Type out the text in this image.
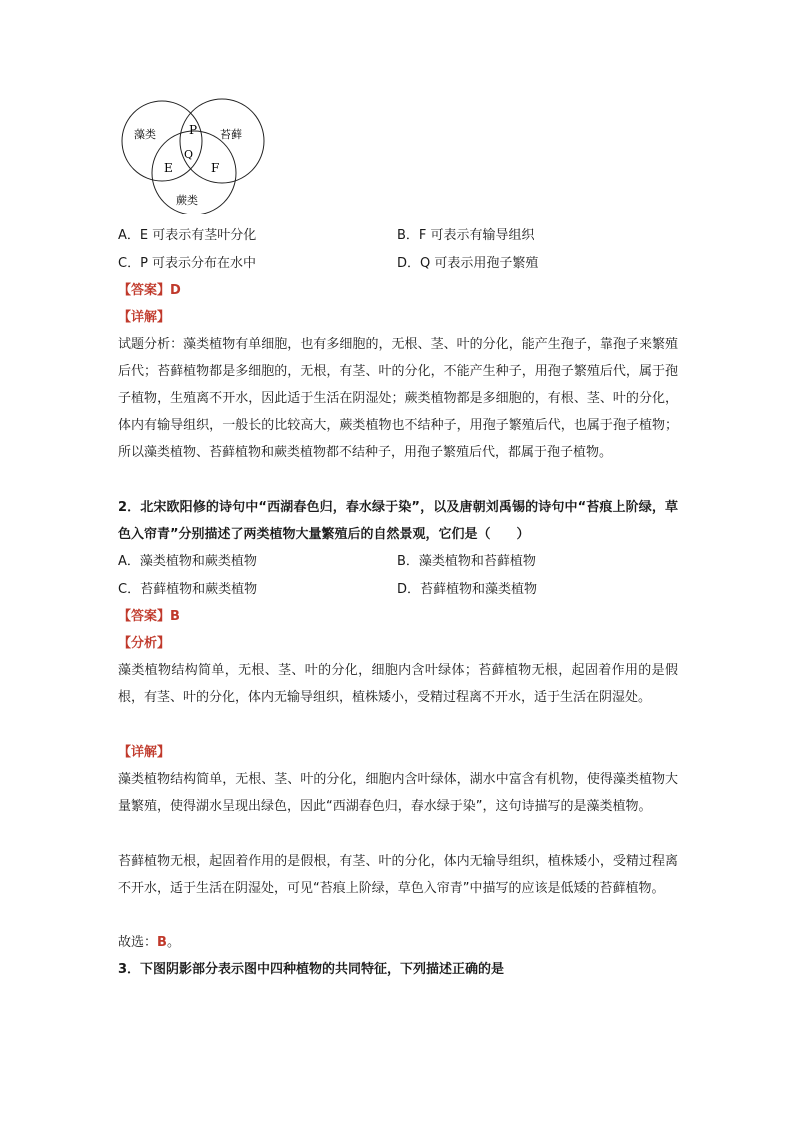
藻类	苔藓
蕨类
P
Q
E	F
A．E 可表示有茎叶分化	B．F 可表示有输导组织
C．P 可表示分布在水中	D．Q 可表示用孢子繁殖
【答案】D
【详解】
试题分析：藻类植物有单细胞，也有多细胞的，无根、茎、叶的分化，能产生孢子，靠孢子来繁殖后代；苔藓植物都是多细胞的，无根，有茎、叶的分化，不能产生种子，用孢子繁殖后代，属于孢子植物，生殖离不开水，因此适于生活在阴湿处；蕨类植物都是多细胞的，有根、茎、叶的分化，体内有输导组织，一般长的比较高大，蕨类植物也不结种子，用孢子繁殖后代，也属于孢子植物；所以藻类植物、苔藓植物和蕨类植物都不结种子，用孢子繁殖后代，都属于孢子植物。
2．北宋欧阳修的诗句中“西湖春色归，春水绿于染”，以及唐朝刘禹锡的诗句中“苔痕上阶绿，草色入帘青”分别描述了两类植物大量繁殖后的自然景观，它们是（　　）
A．藻类植物和蕨类植物	B．藻类植物和苔藓植物
C．苔藓植物和蕨类植物	D．苔藓植物和藻类植物
【答案】B
【分析】
藻类植物结构简单，无根、茎、叶的分化，细胞内含叶绿体；苔藓植物无根，起固着作用的是假根，有茎、叶的分化，体内无输导组织，植株矮小，受精过程离不开水，适于生活在阴湿处。
【详解】
藻类植物结构简单，无根、茎、叶的分化，细胞内含叶绿体，湖水中富含有机物，使得藻类植物大量繁殖，使得湖水呈现出绿色，因此“西湖春色归，春水绿于染”，这句诗描写的是藻类植物。
苔藓植物无根，起固着作用的是假根，有茎、叶的分化，体内无输导组织，植株矮小，受精过程离不开水，适于生活在阴湿处，可见“苔痕上阶绿，草色入帘青”中描写的应该是低矮的苔藓植物。
故选：B。
3．下图阴影部分表示图中四种植物的共同特征，下列描述正确的是
